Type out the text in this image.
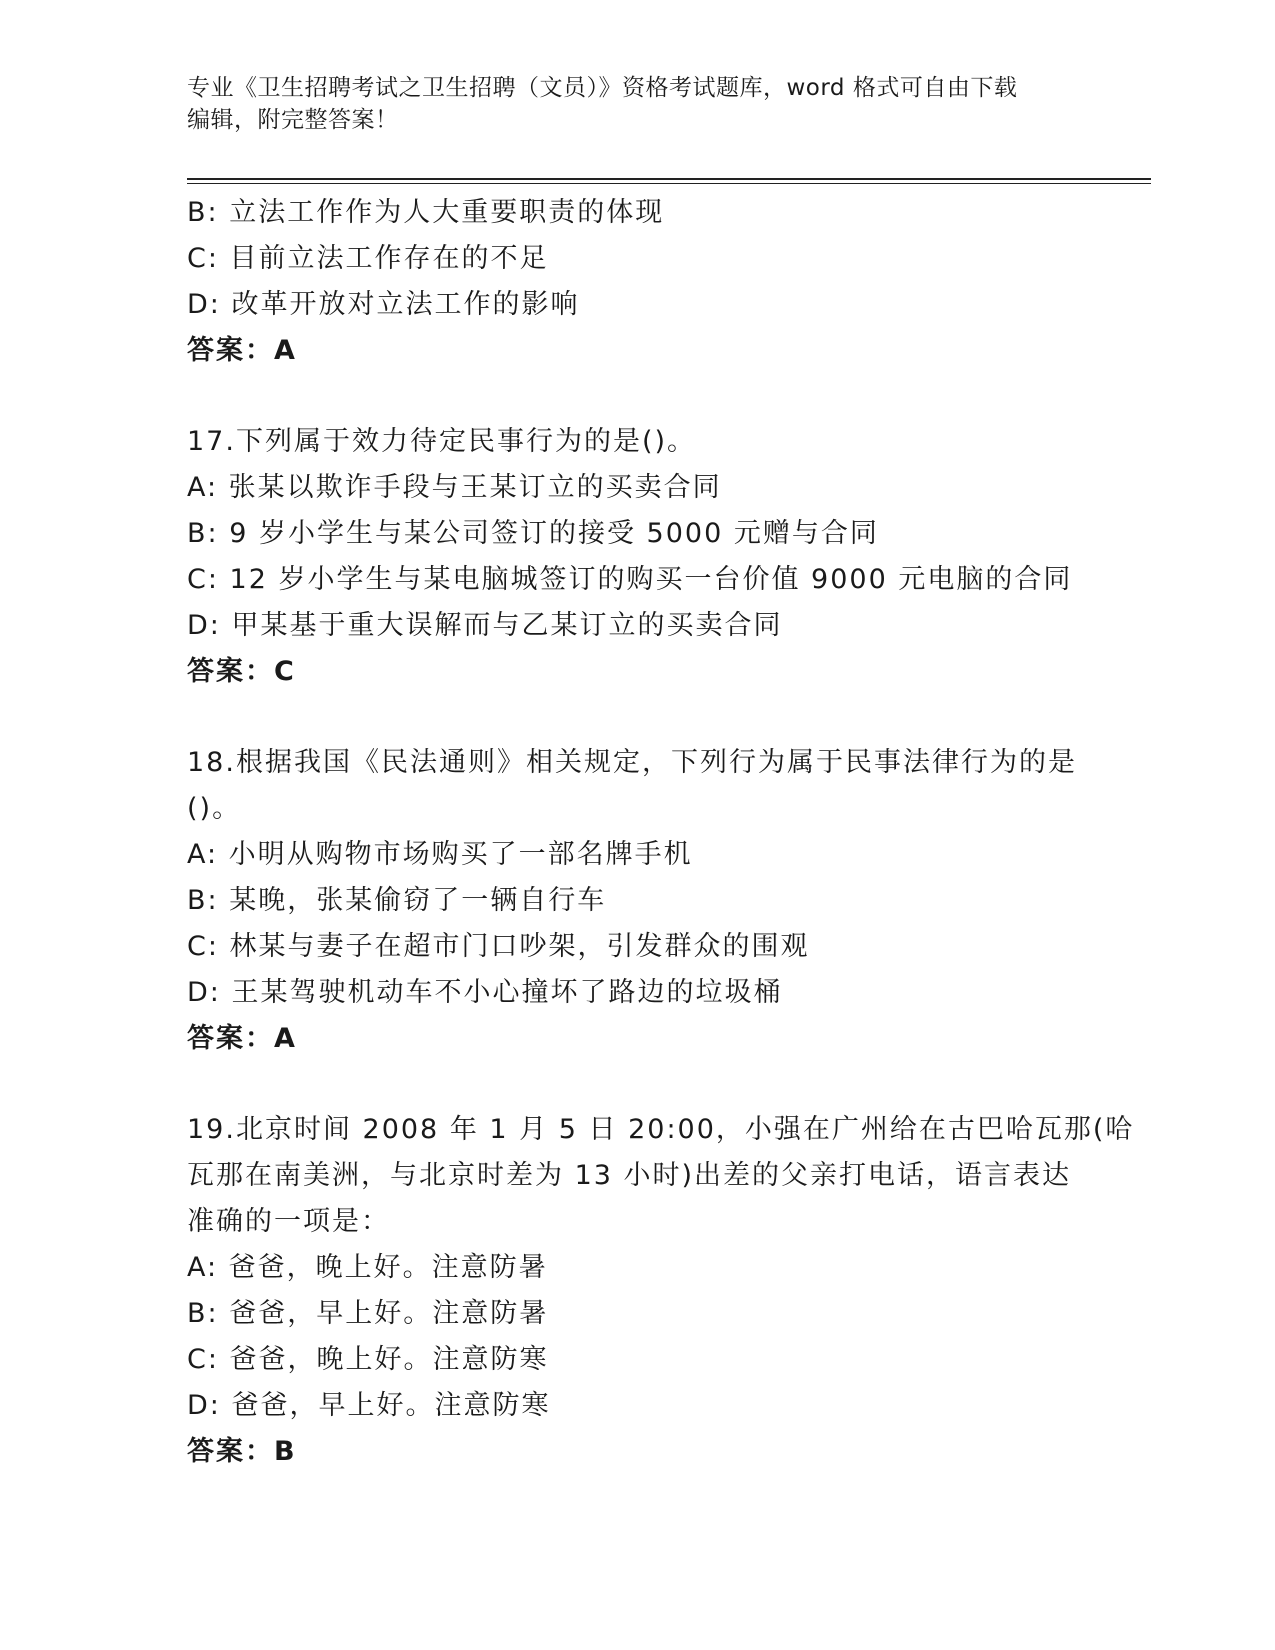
专业《卫生招聘考试之卫生招聘（文员）》资格考试题库，word 格式可自由下载
编辑，附完整答案！
B: 立法工作作为人大重要职责的体现
C: 目前立法工作存在的不足
D: 改革开放对立法工作的影响
答案：A
17.下列属于效力待定民事行为的是()。
A: 张某以欺诈手段与王某订立的买卖合同
B: 9 岁小学生与某公司签订的接受 5000 元赠与合同
C: 12 岁小学生与某电脑城签订的购买一台价值 9000 元电脑的合同
D: 甲某基于重大误解而与乙某订立的买卖合同
答案：C
18.根据我国《民法通则》相关规定，下列行为属于民事法律行为的是
()。
A: 小明从购物市场购买了一部名牌手机
B: 某晚，张某偷窃了一辆自行车
C: 林某与妻子在超市门口吵架，引发群众的围观
D: 王某驾驶机动车不小心撞坏了路边的垃圾桶
答案：A
19.北京时间 2008 年 1 月 5 日 20:00，小强在广州给在古巴哈瓦那(哈
瓦那在南美洲，与北京时差为 13 小时)出差的父亲打电话，语言表达
准确的一项是：
A: 爸爸，晚上好。注意防暑
B: 爸爸，早上好。注意防暑
C: 爸爸，晚上好。注意防寒
D: 爸爸，早上好。注意防寒
答案：B
